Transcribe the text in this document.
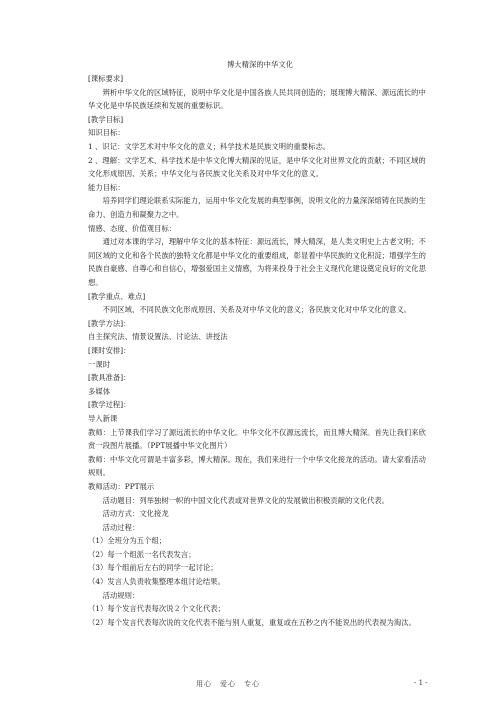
博大精深的中华文化
[课标要求]
辨析中华文化的区域特征，说明中华文化是中国各族人民共同创造的；展现博大精深、源远流长的中华文化是中华民族延续和发展的重要标识。
[教学目标]
知识目标：
1 、识记：文学艺术对中华文化的意义；科学技术是民族文明的重要标志。
2 、理解：文学艺术、科学技术是中华文化博大精深的见证，是中华文化对世界文化的贡献；不同区域的文化形成原因、关系；中华文化与各民族文化关系及对中华文化的意义。
能力目标：
培养同学们理论联系实际能力，运用中华文化发展的典型事例，说明文化的力量深深熔铸在民族的生命力、创造力和凝聚力之中。
情感、态度、价值观目标：
通过对本课的学习，理解中华文化的基本特征：源远流长，博大精深，是人类文明史上古老文明；不同区域的文化和各个民族的独特文化都是中华文化的重要组成，彰显着中华民族的文化积淀；增强学生的民族自豪感、自尊心和自信心，增强爱国主义情感，为将来投身于社会主义现代化建设奠定良好的文化思想。
[教学重点、难点]
不同区域、不同民族文化形成原因、关系及对中华文化的意义；各民族文化对中华文化的意义。
[教学方法]：
自主探究法、情景设置法、讨论法、讲授法
[课时安排]：
一课时
[教具准备]：
多媒体
[教学过程]：
导入新课
教师：上节课我们学习了源远流长的中华文化。中华文化不仅源远流长，而且博大精深。首先让我们来欣赏一段图片展播。（PPT展播中华文化图片）
教师：中华文化可谓是丰富多彩，博大精深。现在，我们来进行一个中华文化接龙的活动。请大家看活动规则。
教师活动：PPT展示
活动题目：列举独树一帜的中国文化代表或对世界文化的发展做出积极贡献的文化代表。
活动方式：文化接龙
活动过程：
（1）全班分为五个组；
（2）每一个组派一名代表发言；
（3）每个组前后左右的同学一起讨论；
（4）发言人负责收集整理本组讨论结果。
活动规则：
（1）每个发言代表每次说２个文化代表；
（2）每个发言代表每次说的文化代表不能与别人重复，重复或在五秒之内不能说出的代表视为淘汰。
用心　爱心　专心	- 1 -
